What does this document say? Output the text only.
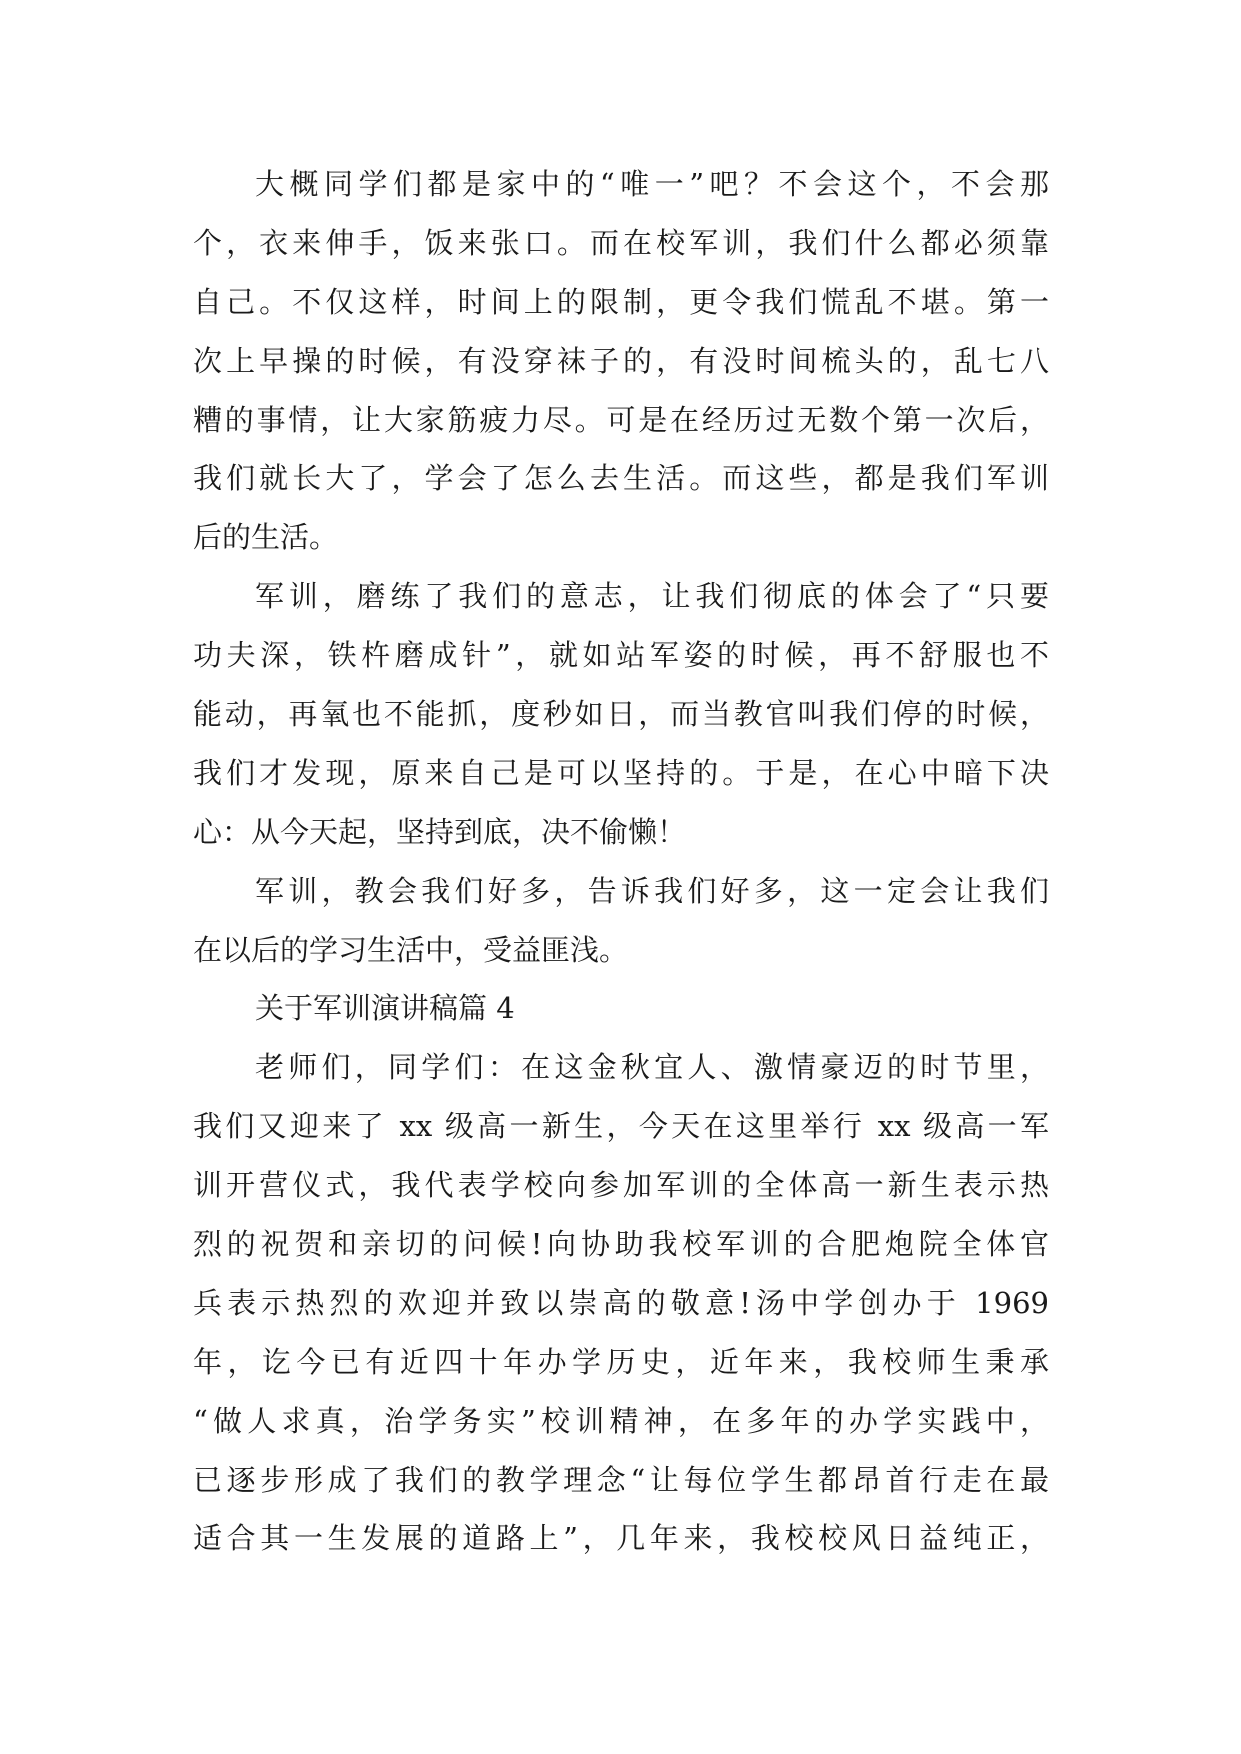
大概同学们都是家中的“唯一”吧？不会这个，不会那
个，衣来伸手，饭来张口。而在校军训，我们什么都必须靠
自己。不仅这样，时间上的限制，更令我们慌乱不堪。第一
次上早操的时候，有没穿袜子的，有没时间梳头的，乱七八
糟的事情，让大家筋疲力尽。可是在经历过无数个第一次后，
我们就长大了，学会了怎么去生活。而这些，都是我们军训
后的生活。
军训，磨练了我们的意志，让我们彻底的体会了“只要
功夫深，铁杵磨成针”，就如站军姿的时候，再不舒服也不
能动，再氧也不能抓，度秒如日，而当教官叫我们停的时候，
我们才发现，原来自己是可以坚持的。于是，在心中暗下决
心：从今天起，坚持到底，决不偷懒！
军训，教会我们好多，告诉我们好多，这一定会让我们
在以后的学习生活中，受益匪浅。
关于军训演讲稿篇 4
老师们，同学们：在这金秋宜人、激情豪迈的时节里，
我们又迎来了 xx 级高一新生，今天在这里举行 xx 级高一军
训开营仪式，我代表学校向参加军训的全体高一新生表示热
烈的祝贺和亲切的问候!向协助我校军训的合肥炮院全体官
兵表示热烈的欢迎并致以崇高的敬意!汤中学创办于 1969
年，讫今已有近四十年办学历史，近年来，我校师生秉承
“做人求真，治学务实”校训精神，在多年的办学实践中，
已逐步形成了我们的教学理念“让每位学生都昂首行走在最
适合其一生发展的道路上”，几年来，我校校风日益纯正，
